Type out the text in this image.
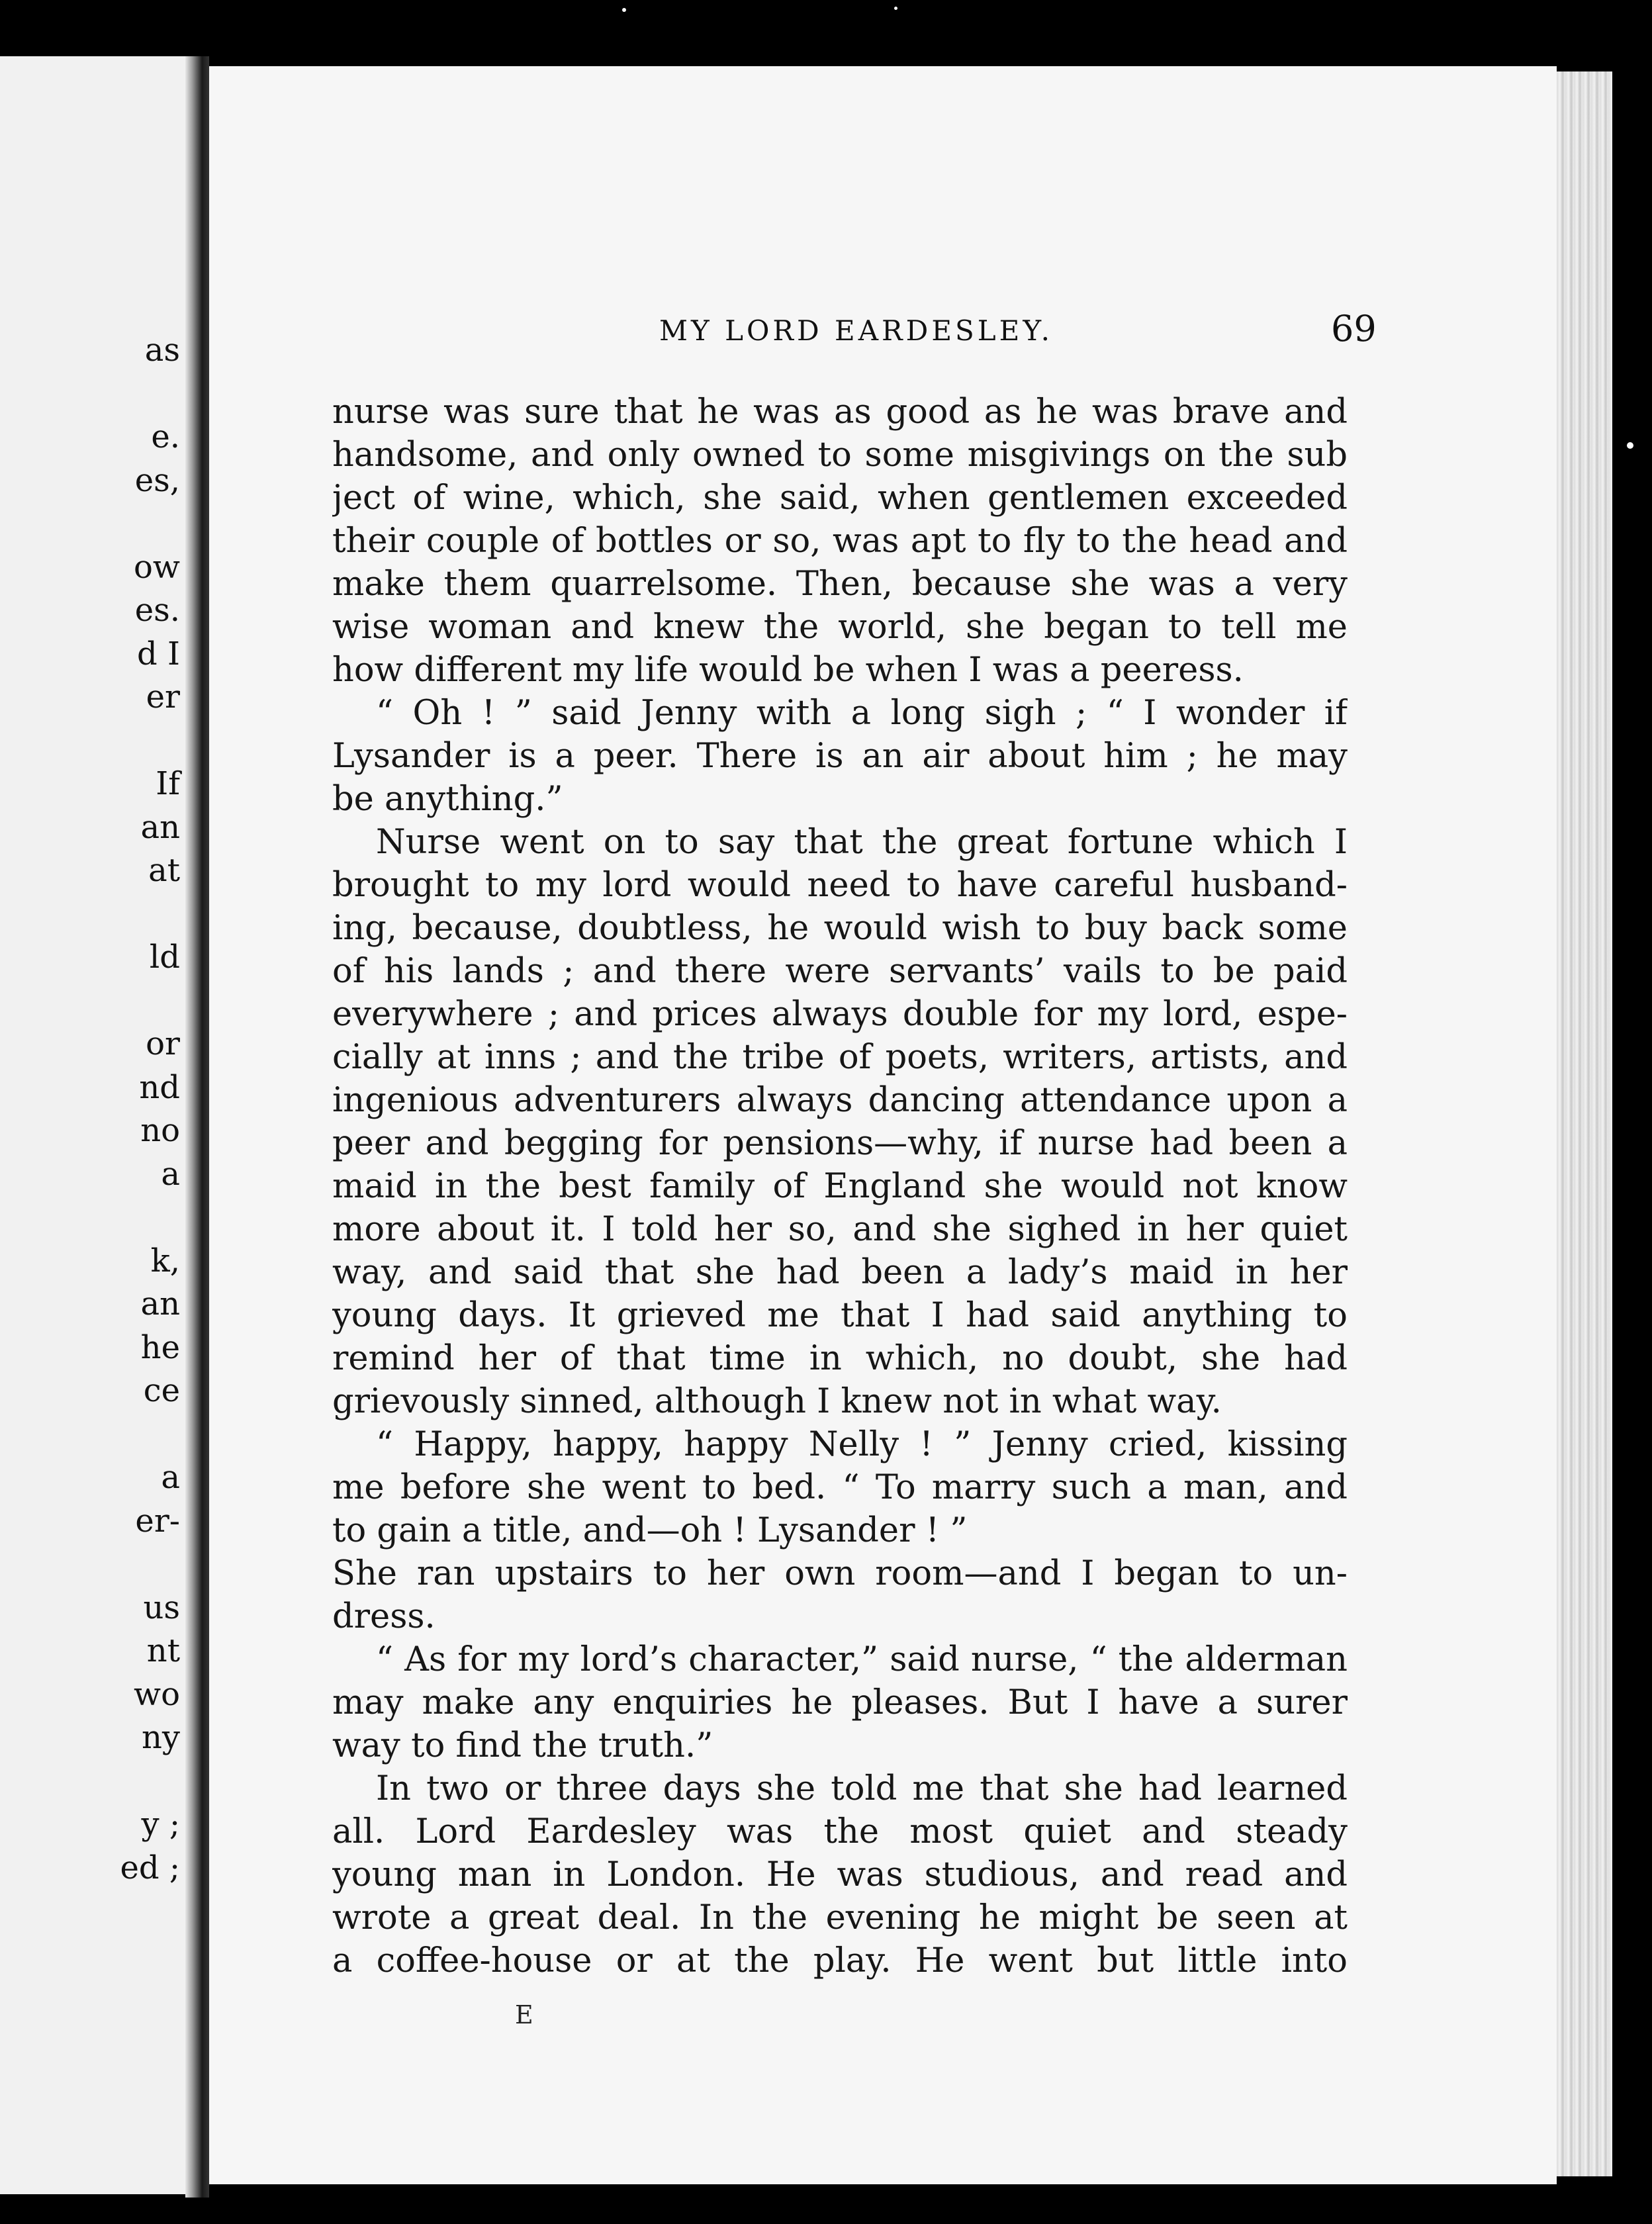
as
e.
es,
ow
es.
d I
er
If
an
at
ld
or
nd
no
a
k,
an
he
ce
a
er-
us
nt
wo
ny
y ;
ed ;
MY LORD EARDESLEY.	69
nurse was sure that he was as good as he was brave and
handsome, and only owned to some misgivings on the sub
ject of wine, which, she said, when gentlemen exceeded
their couple of bottles or so, was apt to fly to the head and
make them quarrelsome. Then, because she was a very
wise woman and knew the world, she began to tell me
how different my life would be when I was a peeress.
“ Oh ! ” said Jenny with a long sigh ; “ I wonder if
Lysander is a peer. There is an air about him ; he may
be anything.”
Nurse went on to say that the great fortune which I
brought to my lord would need to have careful husband-
ing, because, doubtless, he would wish to buy back some
of his lands ; and there were servants’ vails to be paid
everywhere ; and prices always double for my lord, espe-
cially at inns ; and the tribe of poets, writers, artists, and
ingenious adventurers always dancing attendance upon a
peer and begging for pensions—why, if nurse had been a
maid in the best family of England she would not know
more about it. I told her so, and she sighed in her quiet
way, and said that she had been a lady’s maid in her
young days. It grieved me that I had said anything to
remind her of that time in which, no doubt, she had
grievously sinned, although I knew not in what way.
“ Happy, happy, happy Nelly ! ” Jenny cried, kissing
me before she went to bed. “ To marry such a man, and
to gain a title, and—oh ! Lysander ! ”
She ran upstairs to her own room—and I began to un-
dress.
“ As for my lord’s character,” said nurse, “ the alderman
may make any enquiries he pleases. But I have a surer
way to find the truth.”
In two or three days she told me that she had learned
all. Lord Eardesley was the most quiet and steady
young man in London. He was studious, and read and
wrote a great deal. In the evening he might be seen at
a coffee-house or at the play. He went but little into
E
